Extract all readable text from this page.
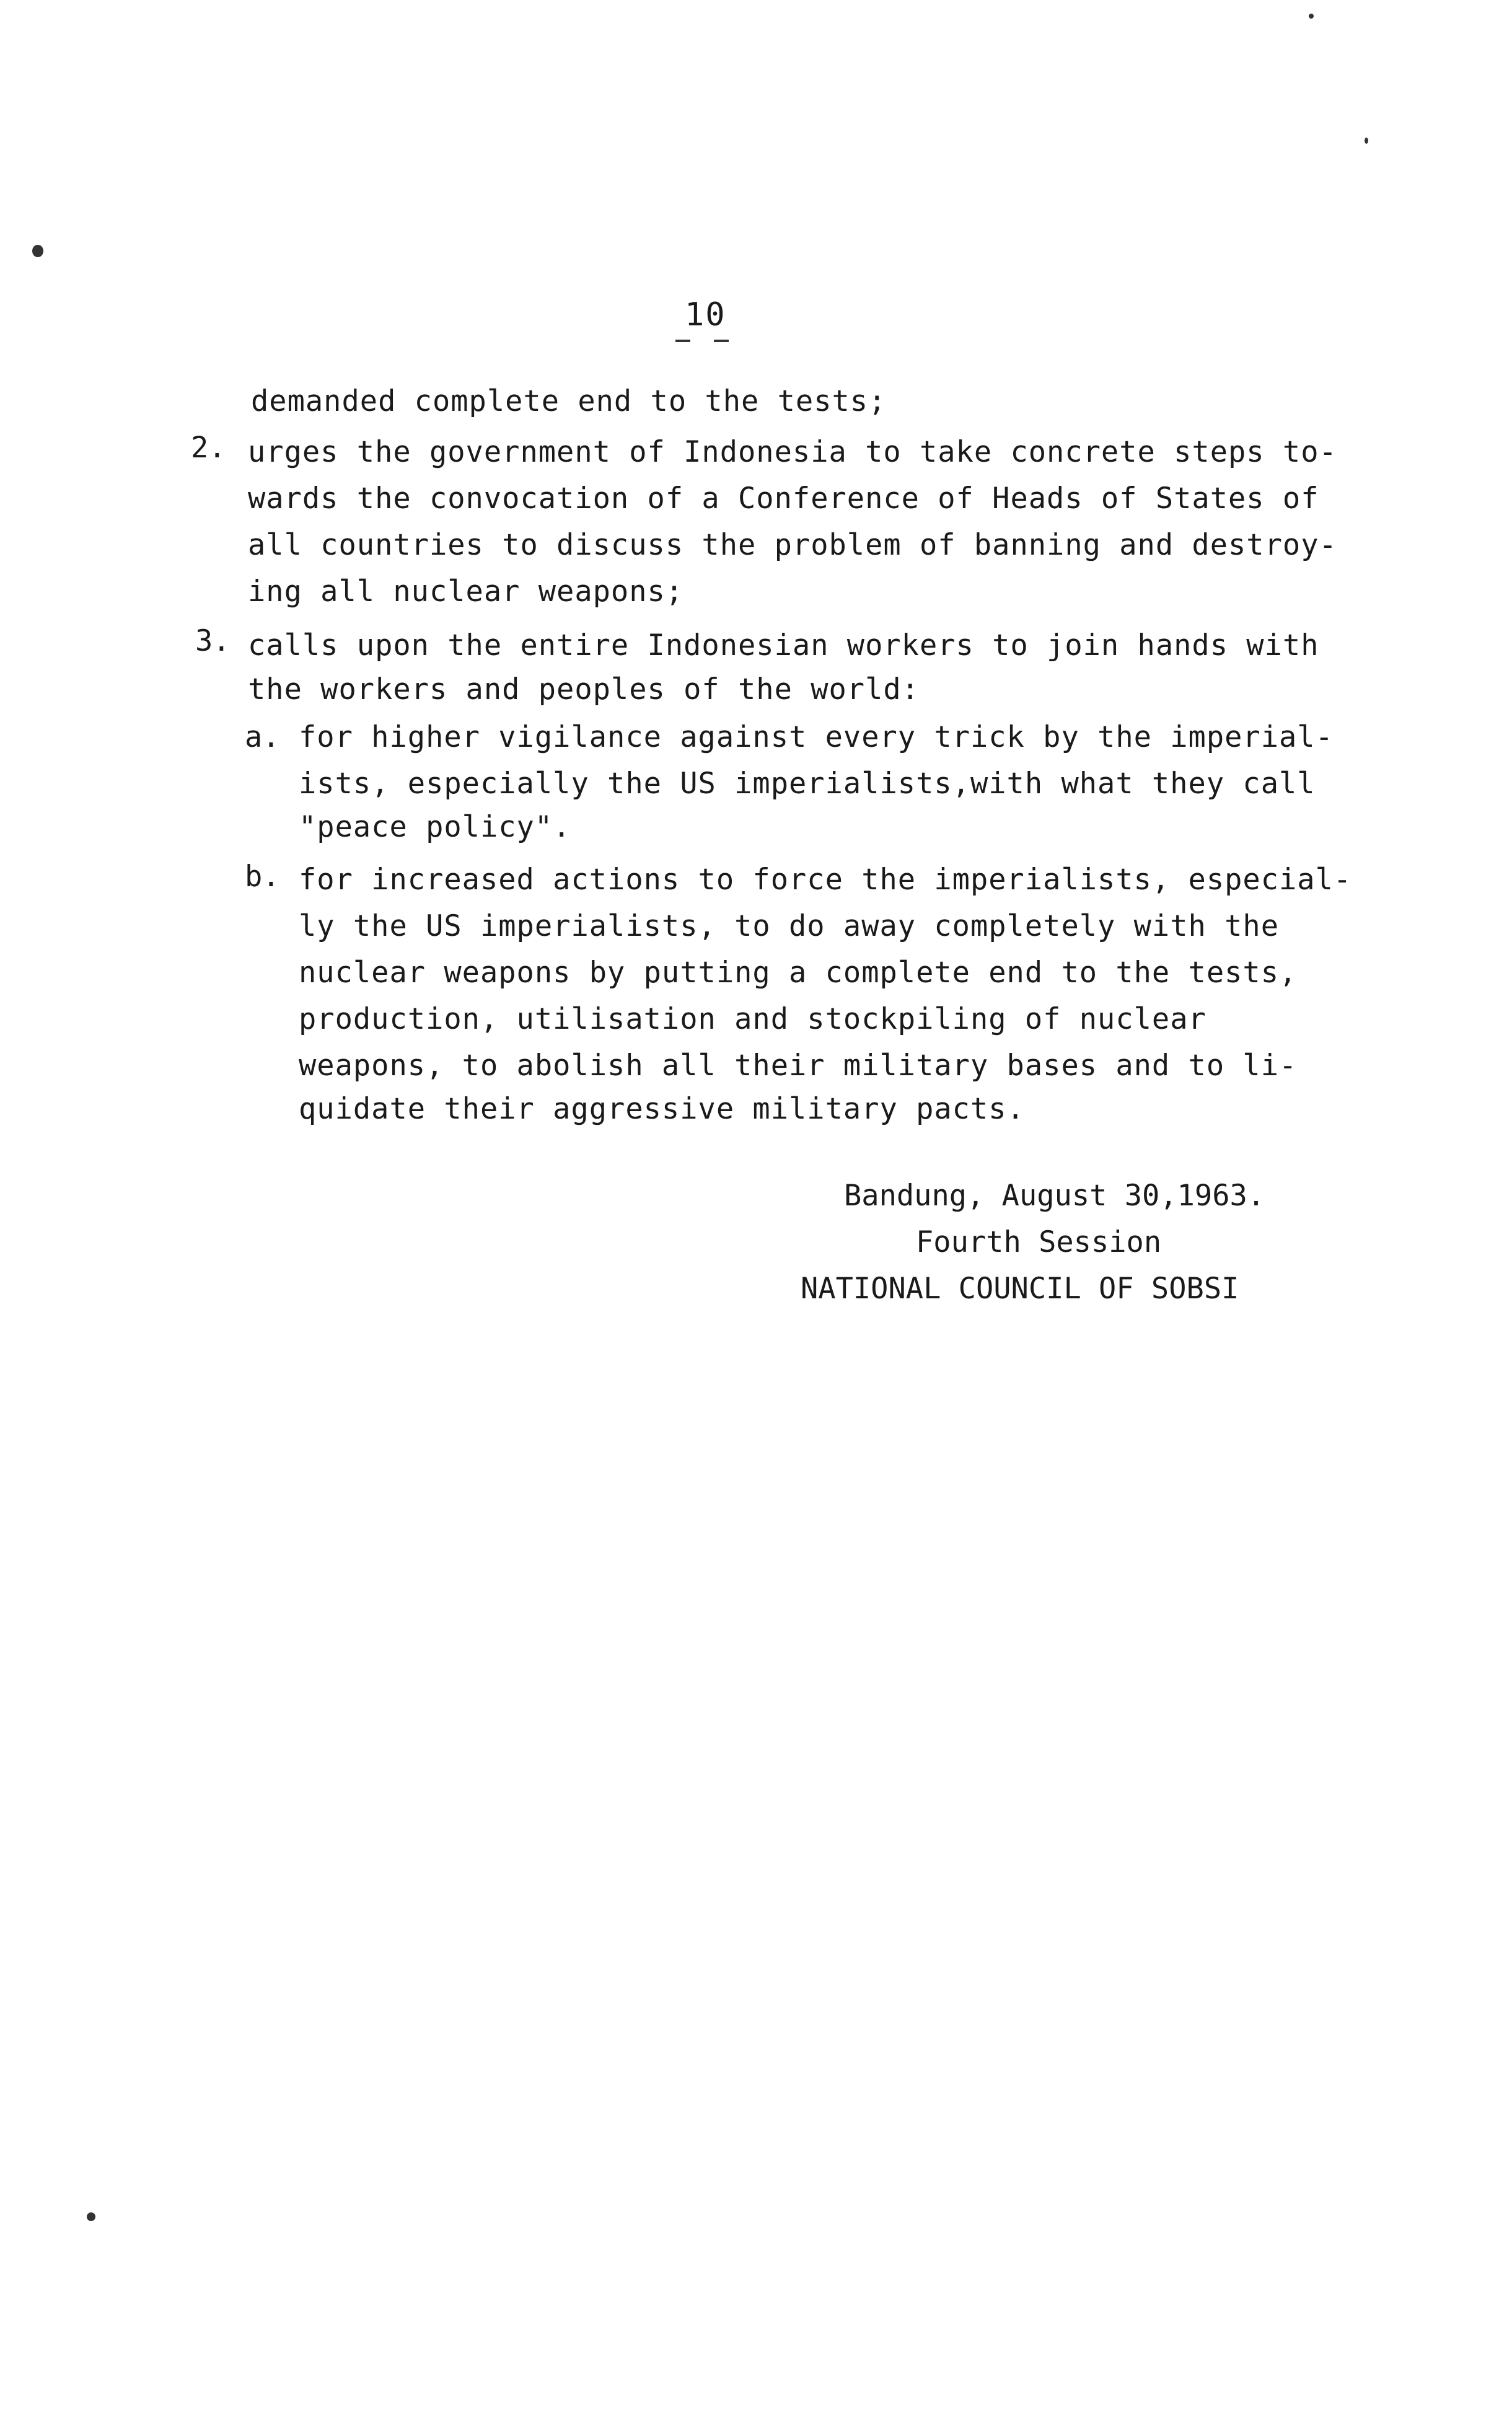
10
demanded complete end to the tests;
2. urges the government of Indonesia to take concrete steps to-
wards the convocation of a Conference of Heads of States of
all countries to discuss the problem of banning and destroy-
ing all nuclear weapons;
3. calls upon the entire Indonesian workers to join hands with
the workers and peoples of the world:
a. for higher vigilance against every trick by the imperial-
ists, especially the US imperialists,with what they call
"peace policy".
b. for increased actions to force the imperialists, especial-
ly the US imperialists, to do away completely with the
nuclear weapons by putting a complete end to the tests,
production, utilisation and stockpiling of nuclear
weapons, to abolish all their military bases and to li-
quidate their aggressive military pacts.
Bandung, August 30,1963.
Fourth Session
NATIONAL COUNCIL OF SOBSI
